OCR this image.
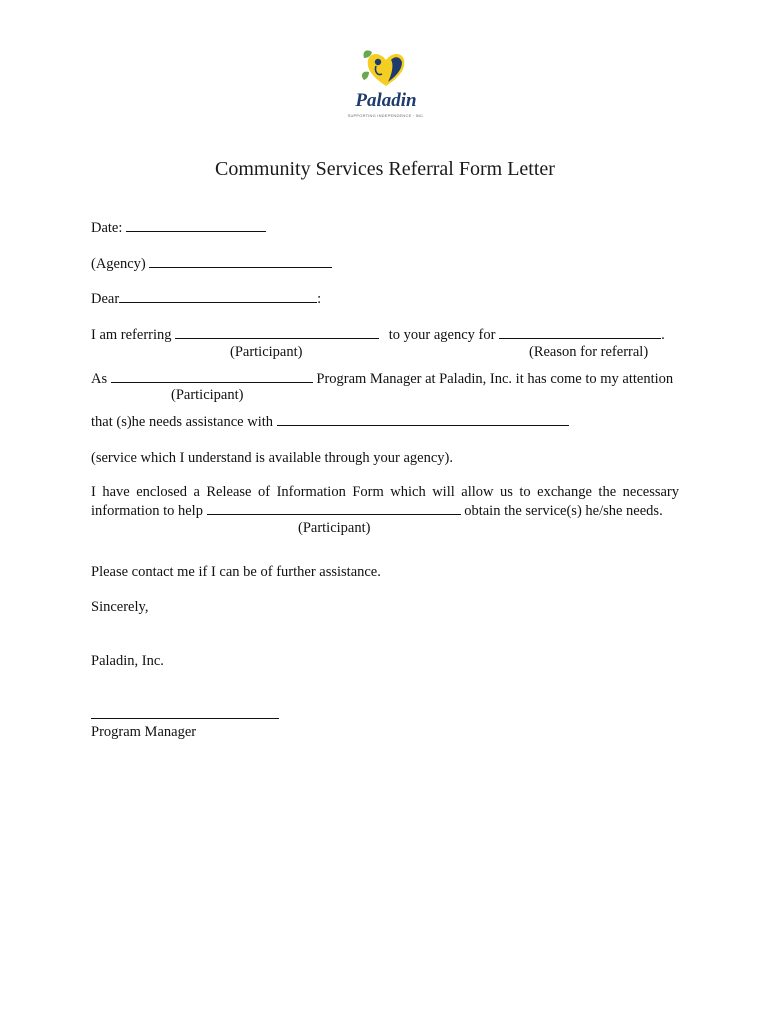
Paladin
SUPPORTING INDEPENDENCE · INC.
Community Services Referral Form Letter
Date:
(Agency)
Dear	:
I am referring	to your agency for	.
(Participant)	(Reason for referral)
As	Program Manager at Paladin, Inc. it has come to my attention
(Participant)
that (s)he needs assistance with
(service which I understand is available through your agency).
I have enclosed a Release of Information Form which will allow us to exchange the necessary
information to help	obtain the service(s) he/she needs.
(Participant)
Please contact me if I can be of further assistance.
Sincerely,
Paladin, Inc.
Program Manager
